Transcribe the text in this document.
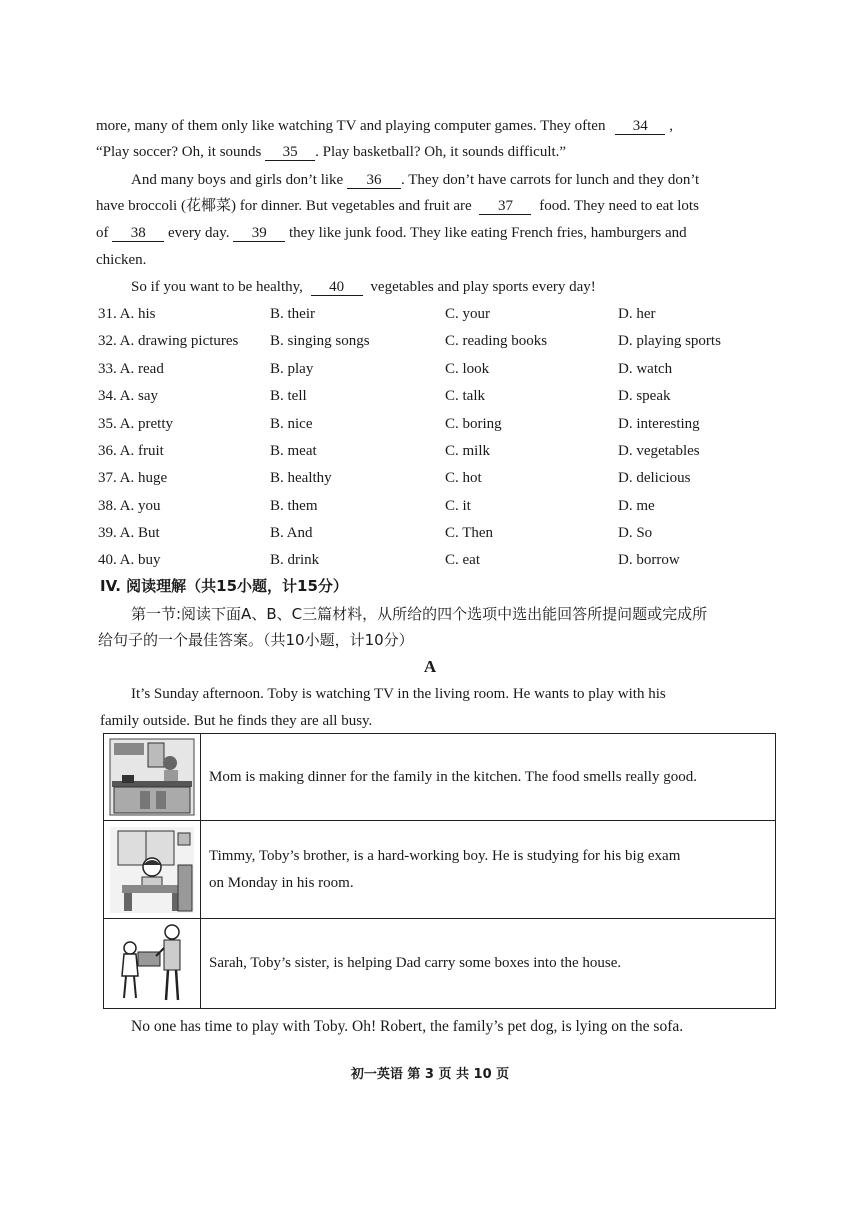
more, many of them only like watching TV and playing computer games. They often 34 ,
“Play soccer? Oh, it sounds 35 . Play basketball? Oh, it sounds difficult.”
And many boys and girls don’t like 36 . They don’t have carrots for lunch and they don’t
have broccoli (花椰菜) for dinner. But vegetables and fruit are 37 food. They need to eat lots
of 38 every day. 39 they like junk food. They like eating French fries, hamburgers and
chicken.
So if you want to be healthy, 40 vegetables and play sports every day!
31. A. his	B. their	C. your	D. her
32. A. drawing pictures B. singing songs	C. reading books	D. playing sports
33. A. read	B. play	C. look	D. watch
34. A. say	B. tell	C. talk	D. speak
35. A. pretty	B. nice	C. boring	D. interesting
36. A. fruit	B. meat	C. milk	D. vegetables
37. A. huge	B. healthy	C. hot	D. delicious
38. A. you	B. them	C. it	D. me
39. A. But	B. And	C. Then	D. So
40. A. buy	B. drink	C. eat	D. borrow
IV. 阅读理解（共15小题，计15分）
第一节:阅读下面A、B、C三篇材料，从所给的四个选项中选出能回答所提问题或完成所
给句子的一个最佳答案。（共10小题，计10分）
A
It’s Sunday afternoon. Toby is watching TV in the living room. He wants to play with his
family outside. But he finds they are all busy.
	Mom is making dinner for the family in the kitchen. The food smells really good.

Timmy, Toby’s brother, is a hard-working boy. He is studying for his big exam
on Monday in his room.

	Sarah, Toby’s sister, is helping Dad carry some boxes into the house.
No one has time to play with Toby. Oh! Robert, the family’s pet dog, is lying on the sofa.
初一英语 第 3 页 共 10 页
